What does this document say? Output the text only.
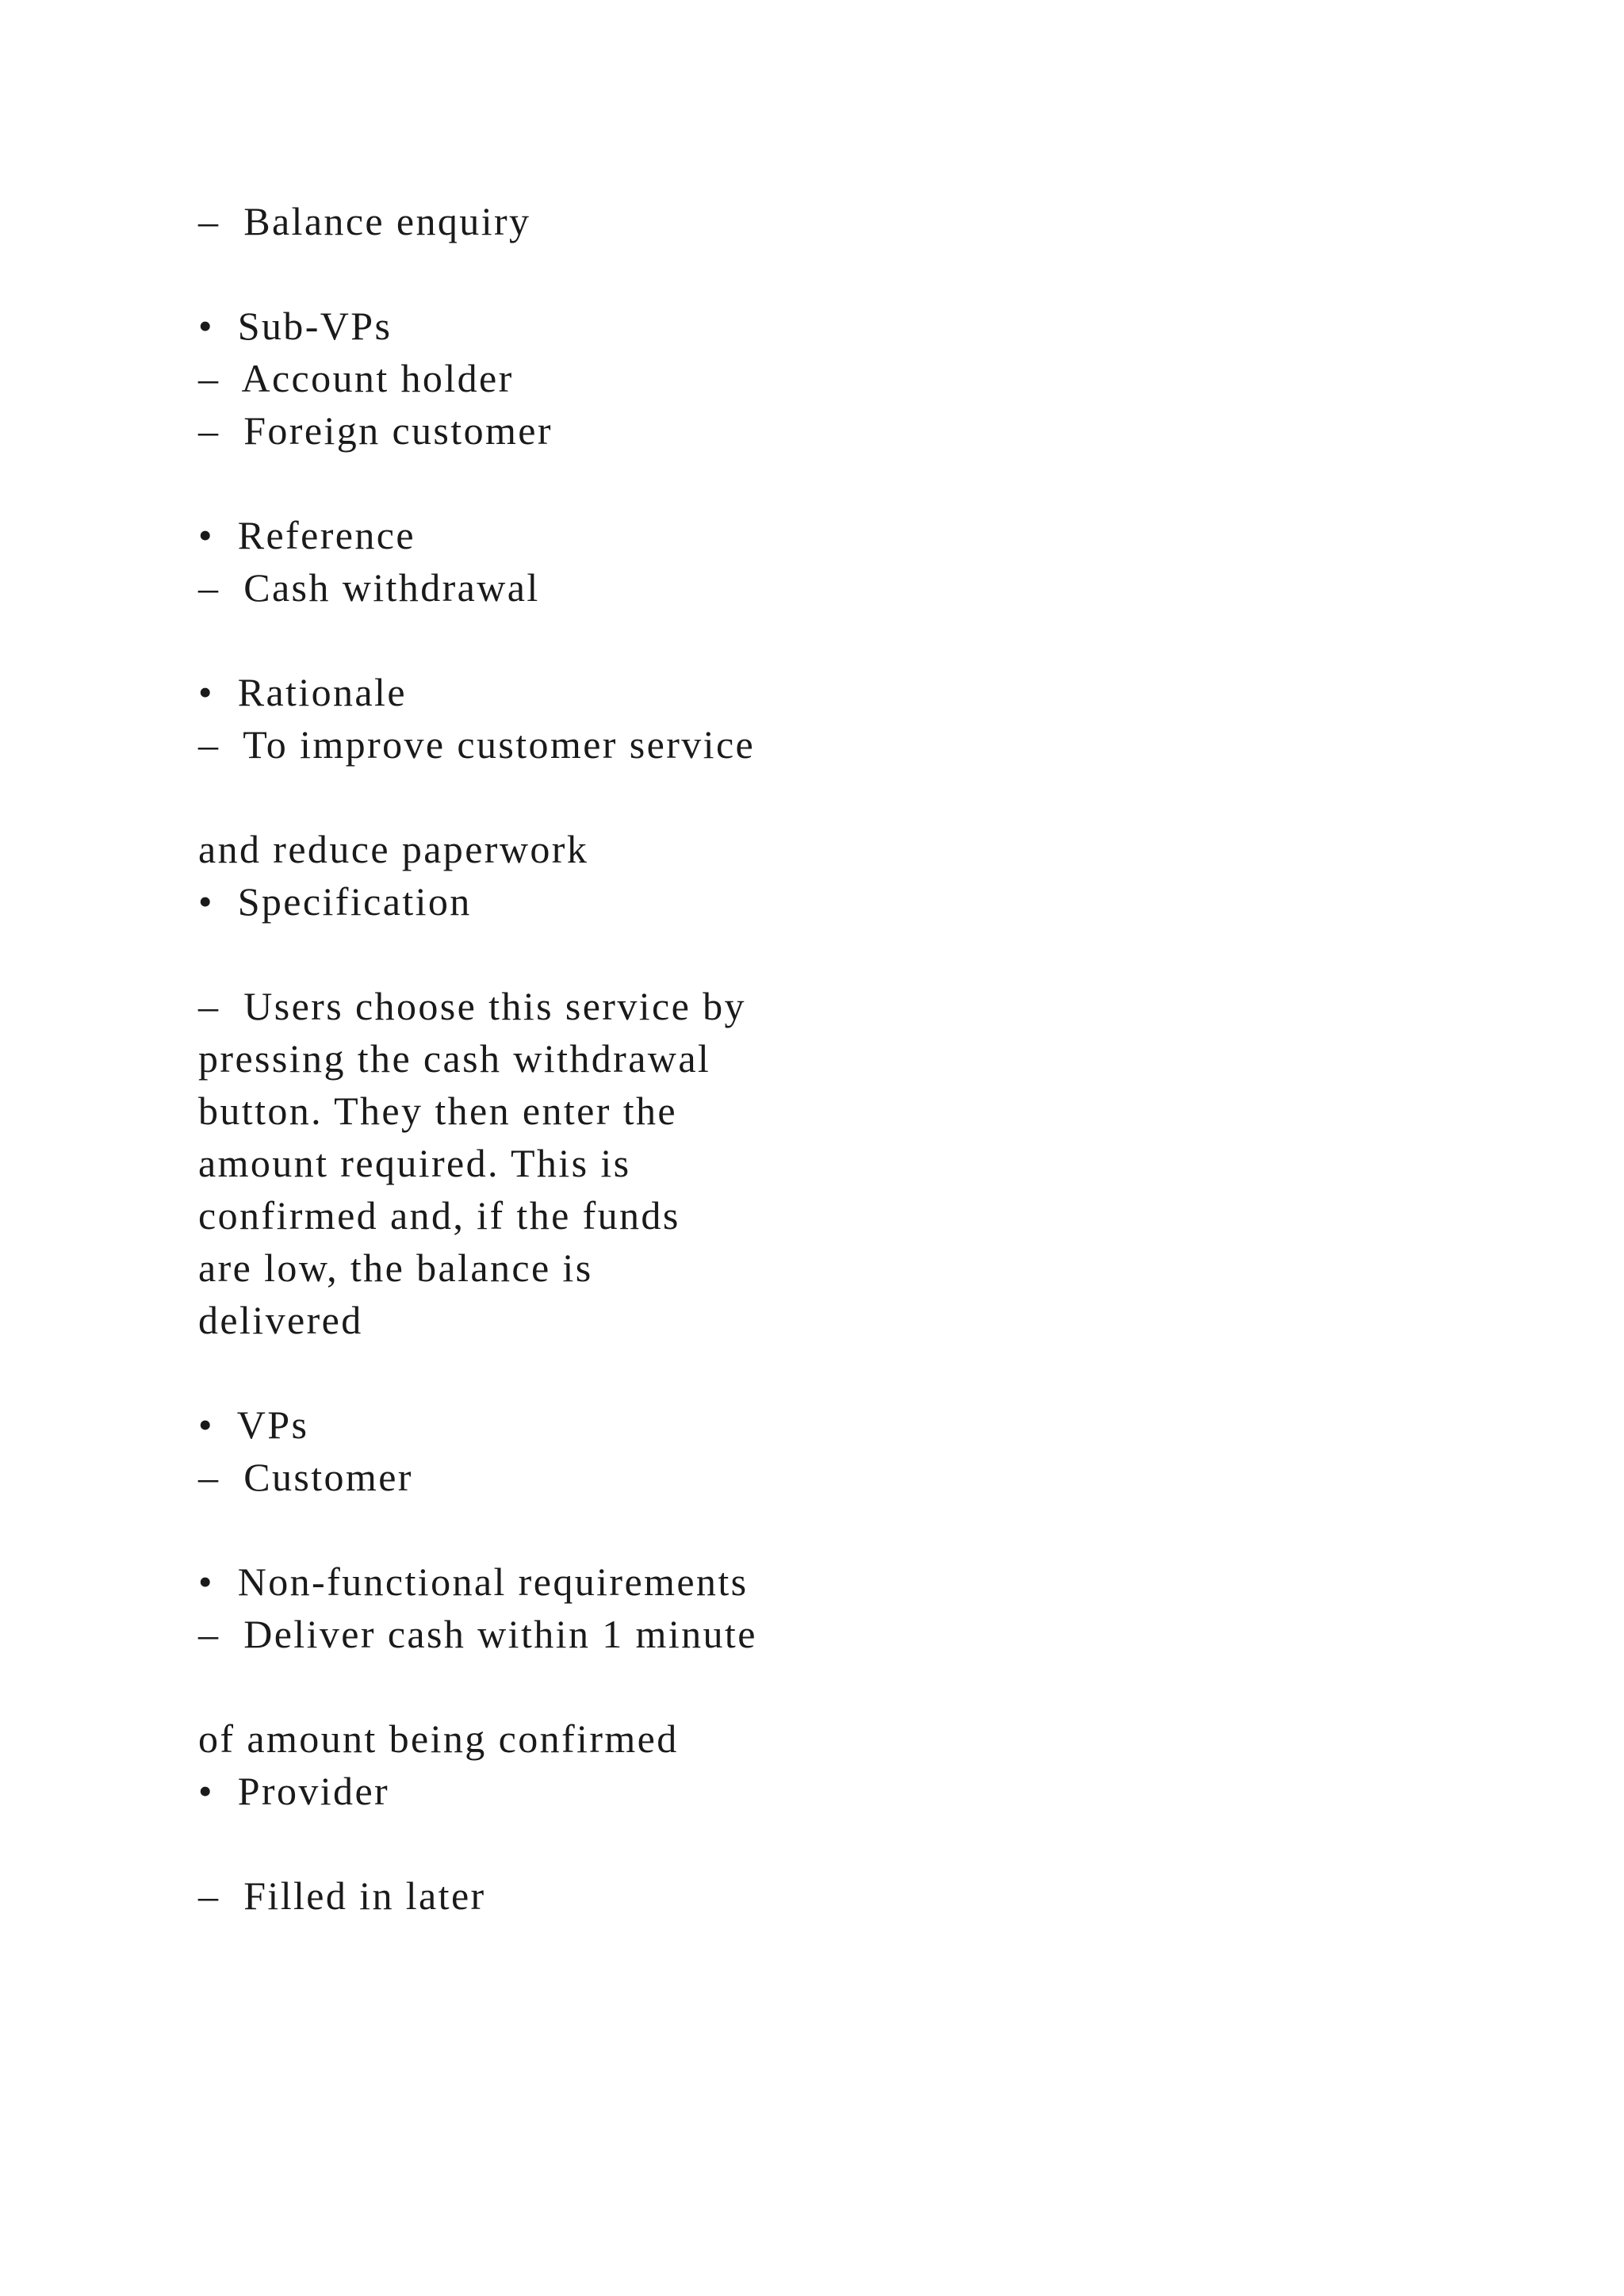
–  Balance enquiry
•  Sub-VPs
–  Account holder
–  Foreign customer
•  Reference
–  Cash withdrawal
•  Rationale
–  To improve customer service
and reduce paperwork
•  Specification
–  Users choose this service by
pressing the cash withdrawal
button. They then enter the
amount required. This is
confirmed and, if the funds
are low, the balance is
delivered
•  VPs
–  Customer
•  Non-functional requirements
–  Deliver cash within 1 minute
of amount being confirmed
•  Provider
–  Filled in later
